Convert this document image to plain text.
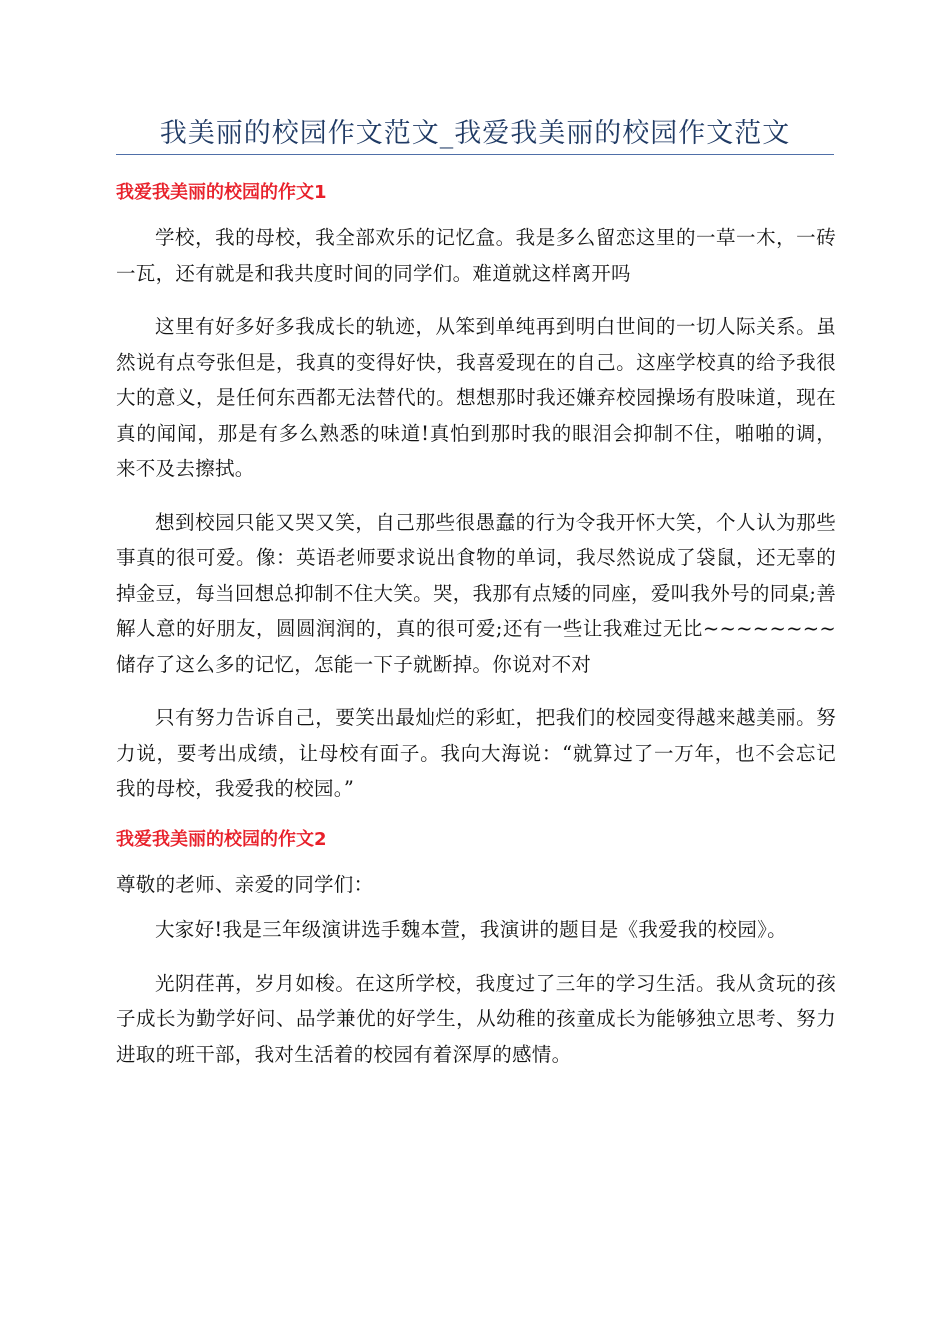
我美丽的校园作文范文_我爱我美丽的校园作文范文
我爱我美丽的校园的作文1

学校，我的母校，我全部欢乐的记忆盒。我是多么留恋这里的一草一木，一砖一瓦，还有就是和我共度时间的同学们。难道就这样离开吗

这里有好多好多我成长的轨迹，从笨到单纯再到明白世间的一切人际关系。虽然说有点夸张但是，我真的变得好快，我喜爱现在的自己。这座学校真的给予我很大的意义，是任何东西都无法替代的。想想那时我还嫌弃校园操场有股味道，现在真的闻闻，那是有多么熟悉的味道!真怕到那时我的眼泪会抑制不住，啪啪的调，来不及去擦拭。

想到校园只能又哭又笑，自己那些很愚蠢的行为令我开怀大笑，个人认为那些事真的很可爱。像：英语老师要求说出食物的单词，我尽然说成了袋鼠，还无辜的掉金豆，每当回想总抑制不住大笑。哭，我那有点矮的同座，爱叫我外号的同桌;善解人意的好朋友，圆圆润润的，真的很可爱;还有一些让我难过无比~~~~~~~~储存了这么多的记忆，怎能一下子就断掉。你说对不对

只有努力告诉自己，要笑出最灿烂的彩虹，把我们的校园变得越来越美丽。努力说，要考出成绩，让母校有面子。我向大海说：“就算过了一万年，也不会忘记我的母校，我爱我的校园。”

我爱我美丽的校园的作文2

尊敬的老师、亲爱的同学们：

大家好!我是三年级演讲选手魏本萱，我演讲的题目是《我爱我的校园》。

光阴荏苒，岁月如梭。在这所学校，我度过了三年的学习生活。我从贪玩的孩子成长为勤学好问、品学兼优的好学生，从幼稚的孩童成长为能够独立思考、努力进取的班干部，我对生活着的校园有着深厚的感情。
